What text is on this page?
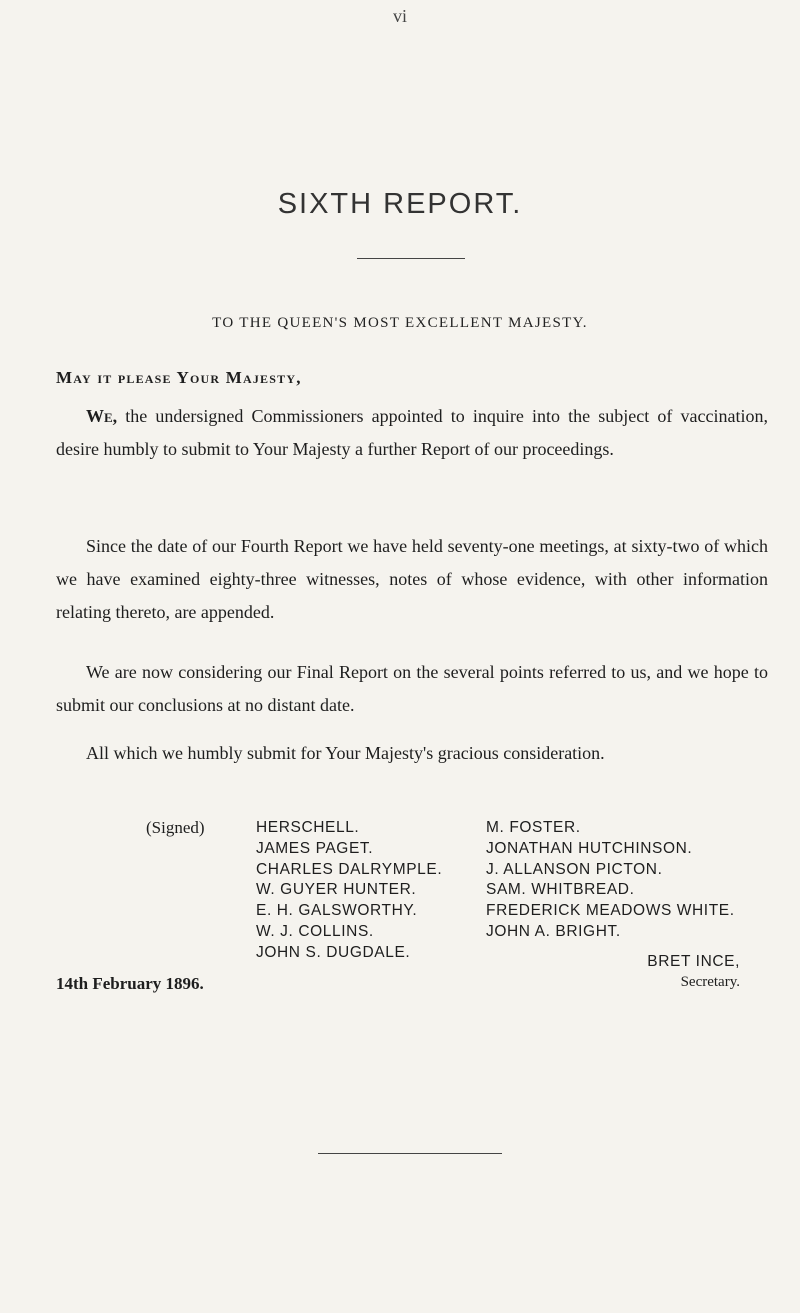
vi
SIXTH REPORT.
TO THE QUEEN'S MOST EXCELLENT MAJESTY.
May it please Your Majesty,

We, the undersigned Commissioners appointed to inquire into the subject of vaccination, desire humbly to submit to Your Majesty a further Report of our proceedings.

Since the date of our Fourth Report we have held seventy-one meetings, at sixty-two of which we have examined eighty-three witnesses, notes of whose evidence, with other information relating thereto, are appended.

We are now considering our Final Report on the several points referred to us, and we hope to submit our conclusions at no distant date.

All which we humbly submit for Your Majesty's gracious consideration.

(Signed)	HERSCHELL.
JAMES PAGET.
CHARLES DALRYMPLE.
W. GUYER HUNTER.
E. H. GALSWORTHY.
W. J. COLLINS.
JOHN S. DUGDALE.
M. FOSTER.
JONATHAN HUTCHINSON.
J. ALLANSON PICTON.
SAM. WHITBREAD.
FREDERICK MEADOWS WHITE.
JOHN A. BRIGHT.
BRET INCE,
Secretary.
14th February 1896.
